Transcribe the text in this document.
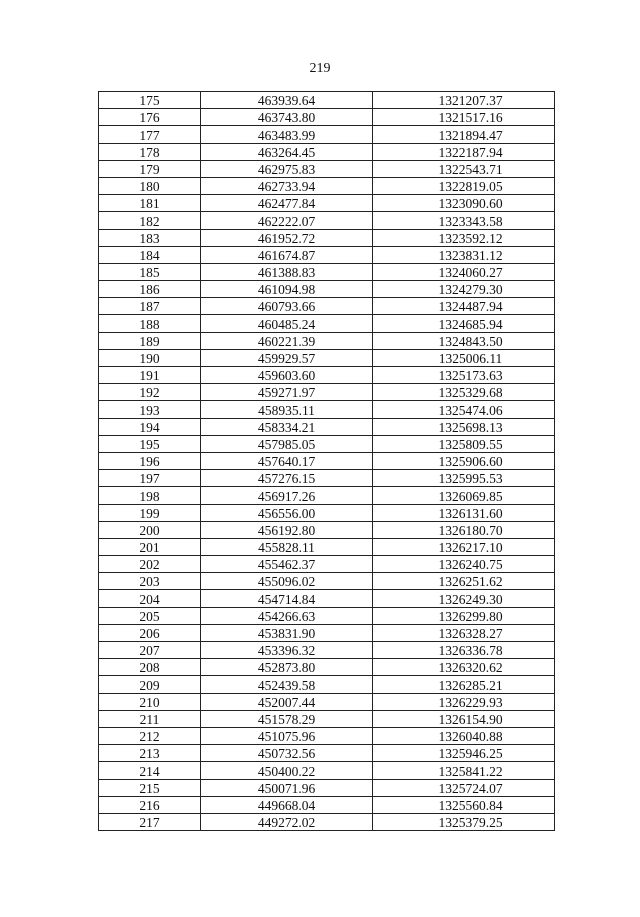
219
175	463939.64	1321207.37
176	463743.80	1321517.16
177	463483.99	1321894.47
178	463264.45	1322187.94
179	462975.83	1322543.71
180	462733.94	1322819.05
181	462477.84	1323090.60
182	462222.07	1323343.58
183	461952.72	1323592.12
184	461674.87	1323831.12
185	461388.83	1324060.27
186	461094.98	1324279.30
187	460793.66	1324487.94
188	460485.24	1324685.94
189	460221.39	1324843.50
190	459929.57	1325006.11
191	459603.60	1325173.63
192	459271.97	1325329.68
193	458935.11	1325474.06
194	458334.21	1325698.13
195	457985.05	1325809.55
196	457640.17	1325906.60
197	457276.15	1325995.53
198	456917.26	1326069.85
199	456556.00	1326131.60
200	456192.80	1326180.70
201	455828.11	1326217.10
202	455462.37	1326240.75
203	455096.02	1326251.62
204	454714.84	1326249.30
205	454266.63	1326299.80
206	453831.90	1326328.27
207	453396.32	1326336.78
208	452873.80	1326320.62
209	452439.58	1326285.21
210	452007.44	1326229.93
211	451578.29	1326154.90
212	451075.96	1326040.88
213	450732.56	1325946.25
214	450400.22	1325841.22
215	450071.96	1325724.07
216	449668.04	1325560.84
217	449272.02	1325379.25
